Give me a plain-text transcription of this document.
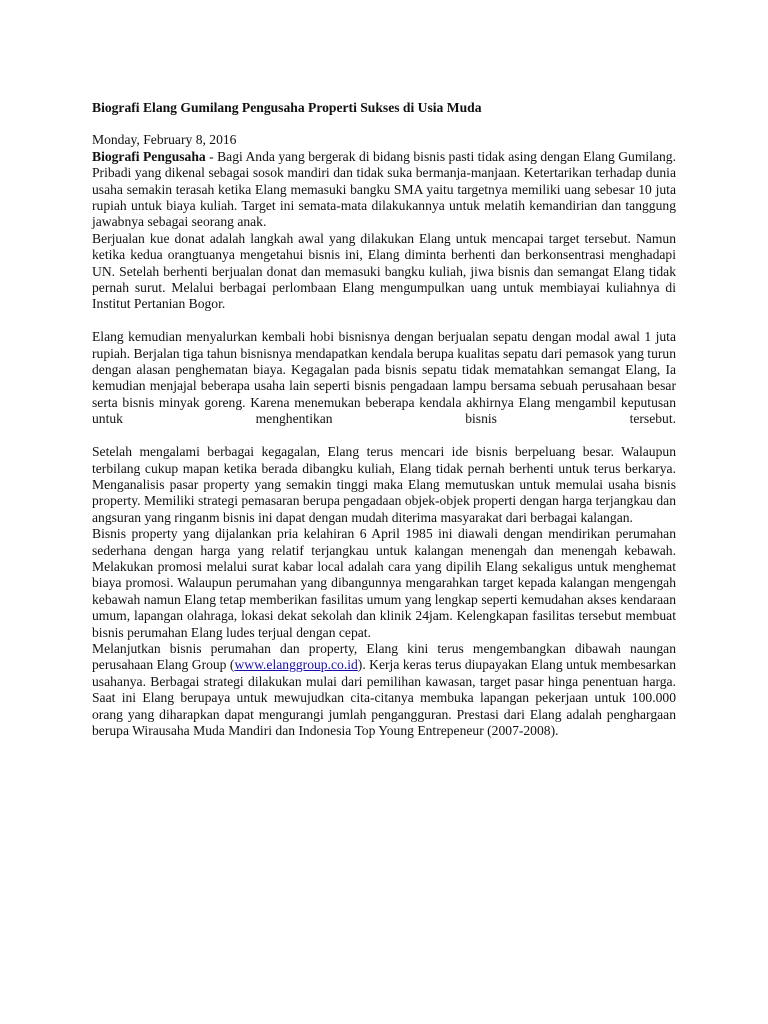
Biografi Elang Gumilang Pengusaha Properti Sukses di Usia Muda
Monday, February 8, 2016

Biografi Pengusaha - Bagi Anda yang bergerak di bidang bisnis pasti tidak asing dengan Elang Gumilang. Pribadi yang dikenal sebagai sosok mandiri dan tidak suka bermanja-manjaan. Ketertarikan terhadap dunia usaha semakin terasah ketika Elang memasuki bangku SMA yaitu targetnya memiliki uang sebesar 10 juta rupiah untuk biaya kuliah. Target ini semata-mata dilakukannya untuk melatih kemandirian dan tanggung jawabnya sebagai seorang anak.

Berjualan kue donat adalah langkah awal yang dilakukan Elang untuk mencapai target tersebut. Namun ketika kedua orangtuanya mengetahui bisnis ini, Elang diminta berhenti dan berkonsentrasi menghadapi UN. Setelah berhenti berjualan donat dan memasuki bangku kuliah, jiwa bisnis dan semangat Elang tidak pernah surut. Melalui berbagai perlombaan Elang mengumpulkan uang untuk membiayai kuliahnya di Institut Pertanian Bogor.

Elang kemudian menyalurkan kembali hobi bisnisnya dengan berjualan sepatu dengan modal awal 1 juta rupiah. Berjalan tiga tahun bisnisnya mendapatkan kendala berupa kualitas sepatu dari pemasok yang turun dengan alasan penghematan biaya. Kegagalan pada bisnis sepatu tidak mematahkan semangat Elang, Ia kemudian menjajal beberapa usaha lain seperti bisnis pengadaan lampu bersama sebuah perusahaan besar serta bisnis minyak goreng. Karena menemukan beberapa kendala akhirnya Elang mengambil keputusan untuk menghentikan bisnis tersebut.

Setelah mengalami berbagai kegagalan, Elang terus mencari ide bisnis berpeluang besar. Walaupun terbilang cukup mapan ketika berada dibangku kuliah, Elang tidak pernah berhenti untuk terus berkarya. Menganalisis pasar property yang semakin tinggi maka Elang memutuskan untuk memulai usaha bisnis property. Memiliki strategi pemasaran berupa pengadaan objek-objek properti dengan harga terjangkau dan angsuran yang ringanm bisnis ini dapat dengan mudah diterima masyarakat dari berbagai kalangan.

Bisnis property yang dijalankan pria kelahiran 6 April 1985 ini diawali dengan mendirikan perumahan sederhana dengan harga yang relatif terjangkau untuk kalangan menengah dan menengah kebawah. Melakukan promosi melalui surat kabar local adalah cara yang dipilih Elang sekaligus untuk menghemat biaya promosi. Walaupun perumahan yang dibangunnya mengarahkan target kepada kalangan mengengah kebawah namun Elang tetap memberikan fasilitas umum yang lengkap seperti kemudahan akses kendaraan umum, lapangan olahraga, lokasi dekat sekolah dan klinik 24jam. Kelengkapan fasilitas tersebut membuat bisnis perumahan Elang ludes terjual dengan cepat.

Melanjutkan bisnis perumahan dan property, Elang kini terus mengembangkan dibawah naungan perusahaan Elang Group (www.elanggroup.co.id). Kerja keras terus diupayakan Elang untuk membesarkan usahanya. Berbagai strategi dilakukan mulai dari pemilihan kawasan, target pasar hinga penentuan harga. Saat ini Elang berupaya untuk mewujudkan cita-citanya membuka lapangan pekerjaan untuk 100.000 orang yang diharapkan dapat mengurangi jumlah pengangguran. Prestasi dari Elang adalah penghargaan berupa Wirausaha Muda Mandiri dan Indonesia Top Young Entrepeneur (2007-2008).
